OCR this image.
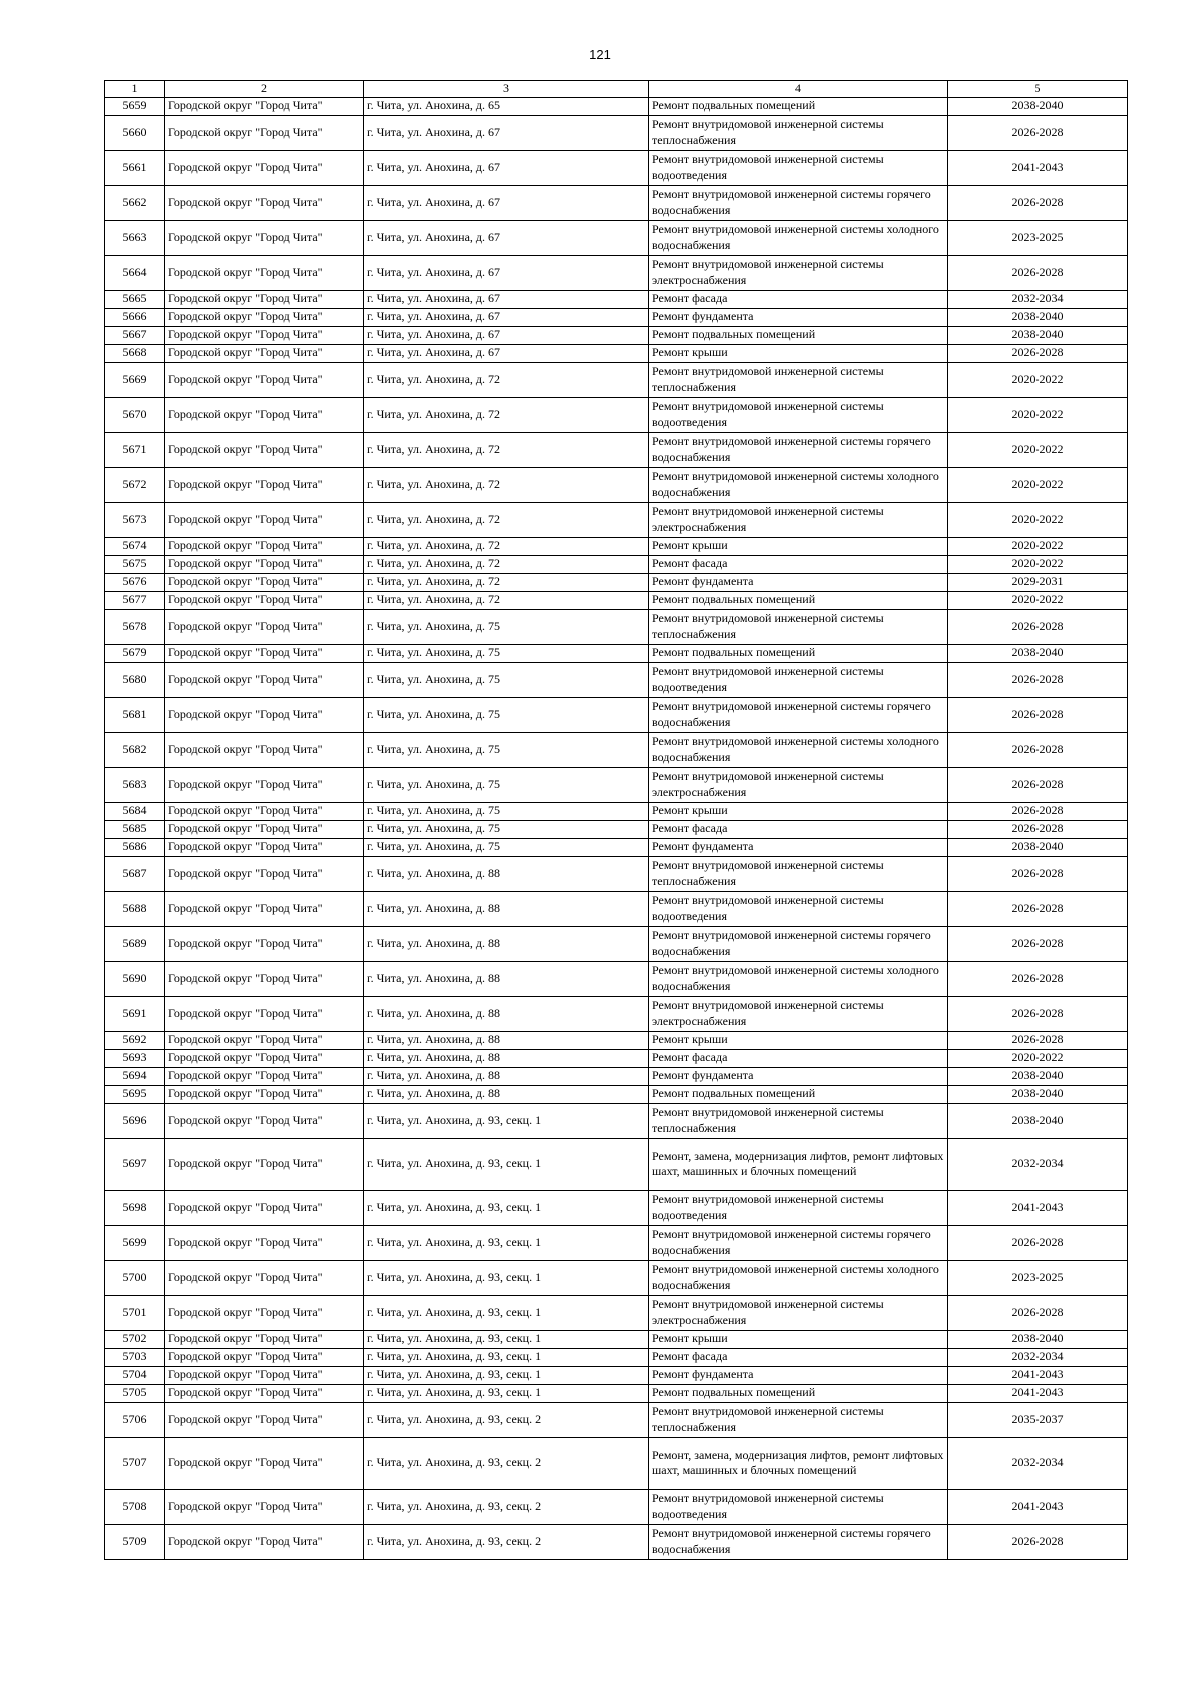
121
1	2	3	4	5
5659	Городской округ "Город Чита"	г. Чита, ул. Анохина, д. 65	Ремонт подвальных помещений	2038-2040
5660	Городской округ "Город Чита"	г. Чита, ул. Анохина, д. 67	Ремонт внутридомовой инженерной системы теплоснабжения	2026-2028
5661	Городской округ "Город Чита"	г. Чита, ул. Анохина, д. 67	Ремонт внутридомовой инженерной системы водоотведения	2041-2043
5662	Городской округ "Город Чита"	г. Чита, ул. Анохина, д. 67	Ремонт внутридомовой инженерной системы горячего водоснабжения	2026-2028
5663	Городской округ "Город Чита"	г. Чита, ул. Анохина, д. 67	Ремонт внутридомовой инженерной системы холодного водоснабжения	2023-2025
5664	Городской округ "Город Чита"	г. Чита, ул. Анохина, д. 67	Ремонт внутридомовой инженерной системы электроснабжения	2026-2028
5665	Городской округ "Город Чита"	г. Чита, ул. Анохина, д. 67	Ремонт фасада	2032-2034
5666	Городской округ "Город Чита"	г. Чита, ул. Анохина, д. 67	Ремонт фундамента	2038-2040
5667	Городской округ "Город Чита"	г. Чита, ул. Анохина, д. 67	Ремонт подвальных помещений	2038-2040
5668	Городской округ "Город Чита"	г. Чита, ул. Анохина, д. 67	Ремонт крыши	2026-2028
5669	Городской округ "Город Чита"	г. Чита, ул. Анохина, д. 72	Ремонт внутридомовой инженерной системы теплоснабжения	2020-2022
5670	Городской округ "Город Чита"	г. Чита, ул. Анохина, д. 72	Ремонт внутридомовой инженерной системы водоотведения	2020-2022
5671	Городской округ "Город Чита"	г. Чита, ул. Анохина, д. 72	Ремонт внутридомовой инженерной системы горячего водоснабжения	2020-2022
5672	Городской округ "Город Чита"	г. Чита, ул. Анохина, д. 72	Ремонт внутридомовой инженерной системы холодного водоснабжения	2020-2022
5673	Городской округ "Город Чита"	г. Чита, ул. Анохина, д. 72	Ремонт внутридомовой инженерной системы электроснабжения	2020-2022
5674	Городской округ "Город Чита"	г. Чита, ул. Анохина, д. 72	Ремонт крыши	2020-2022
5675	Городской округ "Город Чита"	г. Чита, ул. Анохина, д. 72	Ремонт фасада	2020-2022
5676	Городской округ "Город Чита"	г. Чита, ул. Анохина, д. 72	Ремонт фундамента	2029-2031
5677	Городской округ "Город Чита"	г. Чита, ул. Анохина, д. 72	Ремонт подвальных помещений	2020-2022
5678	Городской округ "Город Чита"	г. Чита, ул. Анохина, д. 75	Ремонт внутридомовой инженерной системы теплоснабжения	2026-2028
5679	Городской округ "Город Чита"	г. Чита, ул. Анохина, д. 75	Ремонт подвальных помещений	2038-2040
5680	Городской округ "Город Чита"	г. Чита, ул. Анохина, д. 75	Ремонт внутридомовой инженерной системы водоотведения	2026-2028
5681	Городской округ "Город Чита"	г. Чита, ул. Анохина, д. 75	Ремонт внутридомовой инженерной системы горячего водоснабжения	2026-2028
5682	Городской округ "Город Чита"	г. Чита, ул. Анохина, д. 75	Ремонт внутридомовой инженерной системы холодного водоснабжения	2026-2028
5683	Городской округ "Город Чита"	г. Чита, ул. Анохина, д. 75	Ремонт внутридомовой инженерной системы электроснабжения	2026-2028
5684	Городской округ "Город Чита"	г. Чита, ул. Анохина, д. 75	Ремонт крыши	2026-2028
5685	Городской округ "Город Чита"	г. Чита, ул. Анохина, д. 75	Ремонт фасада	2026-2028
5686	Городской округ "Город Чита"	г. Чита, ул. Анохина, д. 75	Ремонт фундамента	2038-2040
5687	Городской округ "Город Чита"	г. Чита, ул. Анохина, д. 88	Ремонт внутридомовой инженерной системы теплоснабжения	2026-2028
5688	Городской округ "Город Чита"	г. Чита, ул. Анохина, д. 88	Ремонт внутридомовой инженерной системы водоотведения	2026-2028
5689	Городской округ "Город Чита"	г. Чита, ул. Анохина, д. 88	Ремонт внутридомовой инженерной системы горячего водоснабжения	2026-2028
5690	Городской округ "Город Чита"	г. Чита, ул. Анохина, д. 88	Ремонт внутридомовой инженерной системы холодного водоснабжения	2026-2028
5691	Городской округ "Город Чита"	г. Чита, ул. Анохина, д. 88	Ремонт внутридомовой инженерной системы электроснабжения	2026-2028
5692	Городской округ "Город Чита"	г. Чита, ул. Анохина, д. 88	Ремонт крыши	2026-2028
5693	Городской округ "Город Чита"	г. Чита, ул. Анохина, д. 88	Ремонт фасада	2020-2022
5694	Городской округ "Город Чита"	г. Чита, ул. Анохина, д. 88	Ремонт фундамента	2038-2040
5695	Городской округ "Город Чита"	г. Чита, ул. Анохина, д. 88	Ремонт подвальных помещений	2038-2040
5696	Городской округ "Город Чита"	г. Чита, ул. Анохина, д. 93, секц. 1	Ремонт внутридомовой инженерной системы теплоснабжения	2038-2040
5697	Городской округ "Город Чита"	г. Чита, ул. Анохина, д. 93, секц. 1	Ремонт, замена, модернизация лифтов, ремонт лифтовых шахт, машинных и блочных помещений	2032-2034
5698	Городской округ "Город Чита"	г. Чита, ул. Анохина, д. 93, секц. 1	Ремонт внутридомовой инженерной системы водоотведения	2041-2043
5699	Городской округ "Город Чита"	г. Чита, ул. Анохина, д. 93, секц. 1	Ремонт внутридомовой инженерной системы горячего водоснабжения	2026-2028
5700	Городской округ "Город Чита"	г. Чита, ул. Анохина, д. 93, секц. 1	Ремонт внутридомовой инженерной системы холодного водоснабжения	2023-2025
5701	Городской округ "Город Чита"	г. Чита, ул. Анохина, д. 93, секц. 1	Ремонт внутридомовой инженерной системы электроснабжения	2026-2028
5702	Городской округ "Город Чита"	г. Чита, ул. Анохина, д. 93, секц. 1	Ремонт крыши	2038-2040
5703	Городской округ "Город Чита"	г. Чита, ул. Анохина, д. 93, секц. 1	Ремонт фасада	2032-2034
5704	Городской округ "Город Чита"	г. Чита, ул. Анохина, д. 93, секц. 1	Ремонт фундамента	2041-2043
5705	Городской округ "Город Чита"	г. Чита, ул. Анохина, д. 93, секц. 1	Ремонт подвальных помещений	2041-2043
5706	Городской округ "Город Чита"	г. Чита, ул. Анохина, д. 93, секц. 2	Ремонт внутридомовой инженерной системы теплоснабжения	2035-2037
5707	Городской округ "Город Чита"	г. Чита, ул. Анохина, д. 93, секц. 2	Ремонт, замена, модернизация лифтов, ремонт лифтовых шахт, машинных и блочных помещений	2032-2034
5708	Городской округ "Город Чита"	г. Чита, ул. Анохина, д. 93, секц. 2	Ремонт внутридомовой инженерной системы водоотведения	2041-2043
5709	Городской округ "Город Чита"	г. Чита, ул. Анохина, д. 93, секц. 2	Ремонт внутридомовой инженерной системы горячего водоснабжения	2026-2028
